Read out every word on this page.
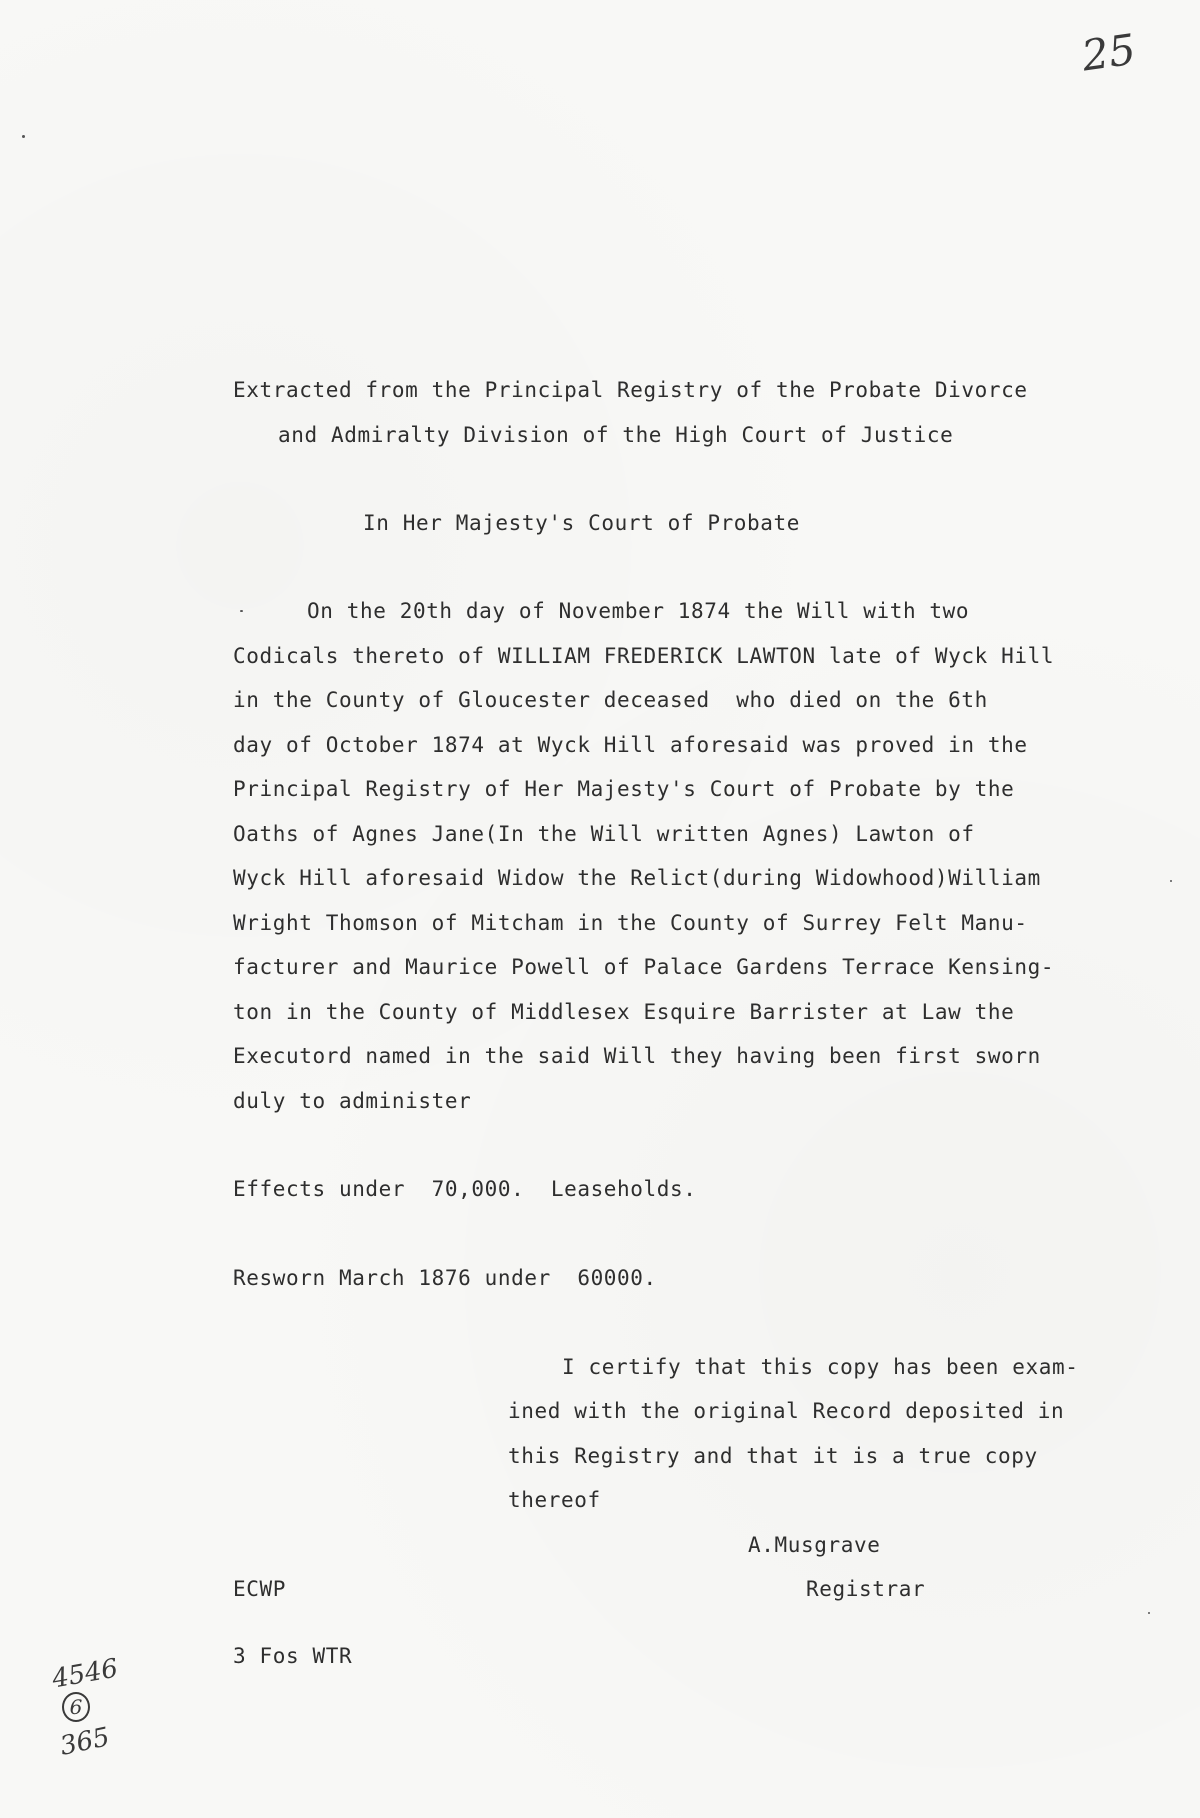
25
Extracted from the Principal Registry of the Probate Divorce
and Admiralty Division of the High Court of Justice
In Her Majesty's Court of Probate
On the 20th day of November 1874 the Will with two
Codicals thereto of WILLIAM FREDERICK LAWTON late of Wyck Hill
in the County of Gloucester deceased  who died on the 6th
day of October 1874 at Wyck Hill aforesaid was proved in the
Principal Registry of Her Majesty's Court of Probate by the
Oaths of Agnes Jane(In the Will written Agnes) Lawton of
Wyck Hill aforesaid Widow the Relict(during Widowhood)William
Wright Thomson of Mitcham in the County of Surrey Felt Manu-
facturer and Maurice Powell of Palace Gardens Terrace Kensing-
ton in the County of Middlesex Esquire Barrister at Law the
Executord named in the said Will they having been first sworn
duly to administer
Effects under  70,000.  Leaseholds.
Resworn March 1876 under  60000.
I certify that this copy has been exam-
ined with the original Record deposited in
this Registry and that it is a true copy
thereof
A.Musgrave
Registrar
ECWP
3 Fos WTR
4546
6
365
